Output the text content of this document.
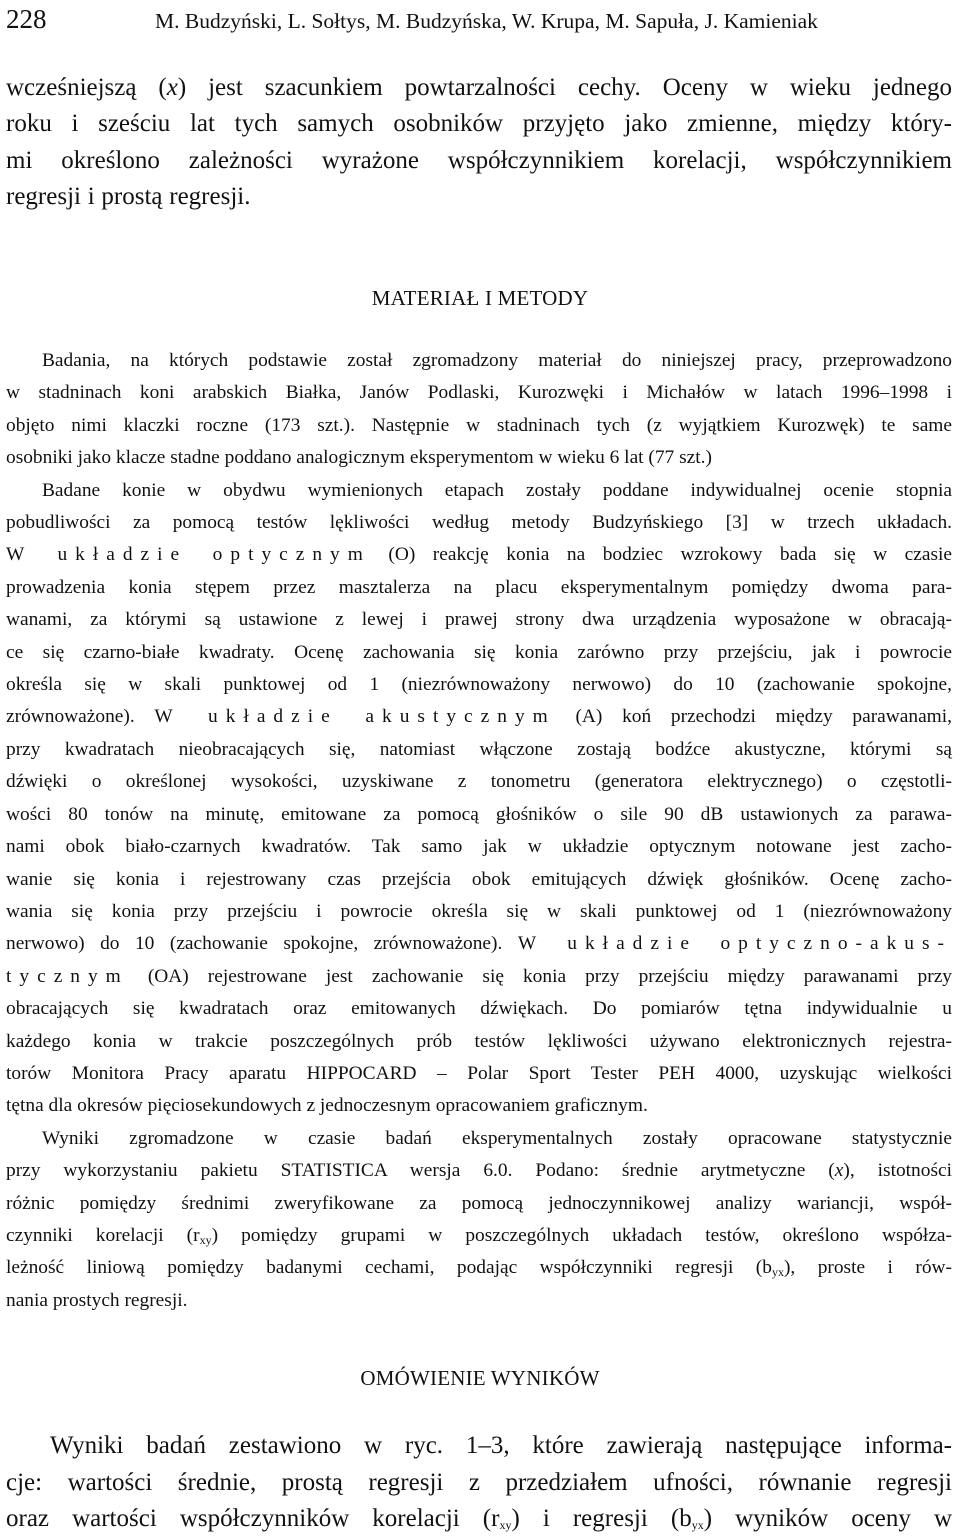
228	M. Budzyński, L. Sołtys, M. Budzyńska, W. Krupa, M. Sapuła, J. Kamieniak
wcześniejszą (x) jest szacunkiem powtarzalności cechy. Oceny w wieku jednego
roku i sześciu lat tych samych osobników przyjęto jako zmienne, między który-
mi określono zależności wyrażone współczynnikiem korelacji, współczynnikiem
regresji i prostą regresji.
MATERIAŁ I METODY
Badania, na których podstawie został zgromadzony materiał do niniejszej pracy, przeprowadzono
w stadninach koni arabskich Białka, Janów Podlaski, Kurozwęki i Michałów w latach 1996–1998 i
objęto nimi klaczki roczne (173 szt.). Następnie w stadninach tych (z wyjątkiem Kurozwęk) te same
osobniki jako klacze stadne poddano analogicznym eksperymentom w wieku 6 lat (77 szt.)
Badane konie w obydwu wymienionych etapach zostały poddane indywidualnej ocenie stopnia
pobudliwości za pomocą testów lękliwości według metody Budzyńskiego [3] w trzech układach.
W układzie optycznym (O) reakcję konia na bodziec wzrokowy bada się w czasie
prowadzenia konia stępem przez masztalerza na placu eksperymentalnym pomiędzy dwoma para-
wanami, za którymi są ustawione z lewej i prawej strony dwa urządzenia wyposażone w obracają-
ce się czarno-białe kwadraty. Ocenę zachowania się konia zarówno przy przejściu, jak i powrocie
określa się w skali punktowej od 1 (niezrównoważony nerwowo) do 10 (zachowanie spokojne,
zrównoważone). W układzie akustycznym (A) koń przechodzi między parawanami,
przy kwadratach nieobracających się, natomiast włączone zostają bodźce akustyczne, którymi są
dźwięki o określonej wysokości, uzyskiwane z tonometru (generatora elektrycznego) o częstotli-
wości 80 tonów na minutę, emitowane za pomocą głośników o sile 90 dB ustawionych za parawa-
nami obok biało-czarnych kwadratów. Tak samo jak w układzie optycznym notowane jest zacho-
wanie się konia i rejestrowany czas przejścia obok emitujących dźwięk głośników. Ocenę zacho-
wania się konia przy przejściu i powrocie określa się w skali punktowej od 1 (niezrównoważony
nerwowo) do 10 (zachowanie spokojne, zrównoważone). W układzie optyczno-akus-
tycznym (OA) rejestrowane jest zachowanie się konia przy przejściu między parawanami przy
obracających się kwadratach oraz emitowanych dźwiękach. Do pomiarów tętna indywidualnie u
każdego konia w trakcie poszczególnych prób testów lękliwości używano elektronicznych rejestra-
torów Monitora Pracy aparatu HIPPOCARD – Polar Sport Tester PEH 4000, uzyskując wielkości
tętna dla okresów pięciosekundowych z jednoczesnym opracowaniem graficznym.
Wyniki zgromadzone w czasie badań eksperymentalnych zostały opracowane statystycznie
przy wykorzystaniu pakietu STATISTICA wersja 6.0. Podano: średnie arytmetyczne (x), istotności
różnic pomiędzy średnimi zweryfikowane za pomocą jednoczynnikowej analizy wariancji, współ-
czynniki korelacji $(r_{xy})$ pomiędzy grupami w poszczególnych układach testów, określono współza-
leżność liniową pomiędzy badanymi cechami, podając współczynniki regresji $(b_{yx})$, proste i rów-
nania prostych regresji.
OMÓWIENIE WYNIKÓW
Wyniki badań zestawiono w ryc. 1–3, które zawierają następujące informa-
cje: wartości średnie, prostą regresji z przedziałem ufności, równanie regresji
oraz wartości współczynników korelacji $(r_{xy})$ i regresji $(b_{yx})$ wyników oceny w
